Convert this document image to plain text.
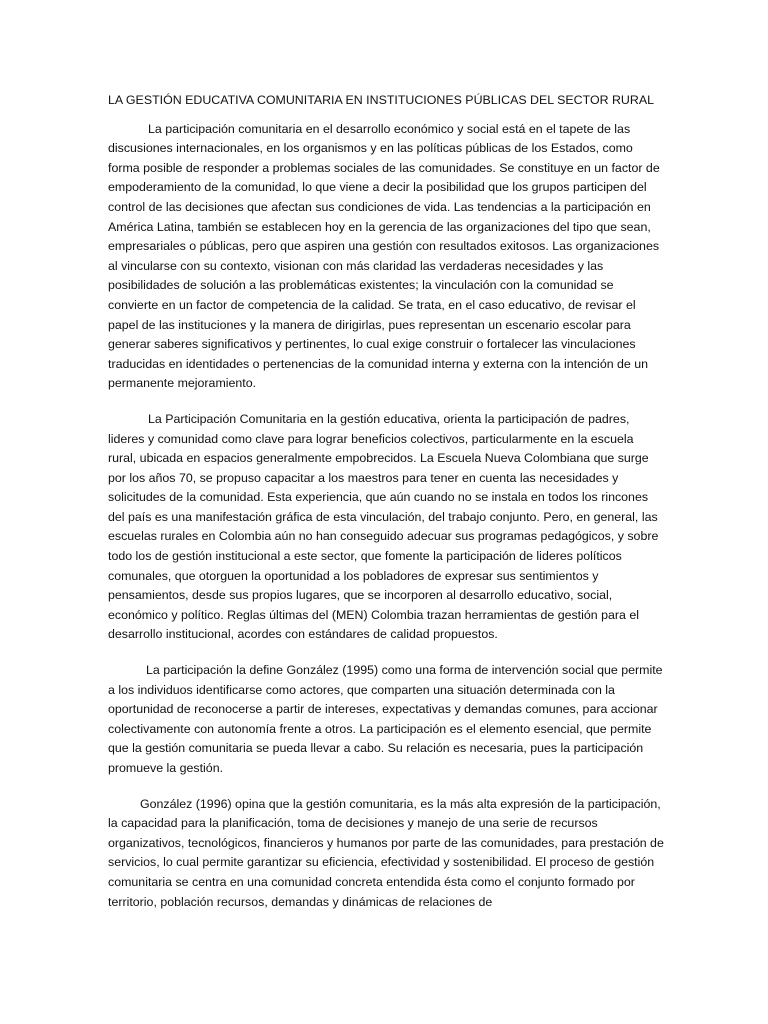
LA GESTIÓN EDUCATIVA COMUNITARIA EN INSTITUCIONES PÚBLICAS DEL SECTOR RURAL

La participación comunitaria en el desarrollo económico y social está en el tapete de las discusiones internacionales, en los organismos y en las políticas públicas de los Estados, como forma posible de responder a problemas sociales de las comunidades. Se constituye en un factor de empoderamiento de la comunidad, lo que viene a decir la posibilidad que los grupos participen del control de las decisiones que afectan sus condiciones de vida. Las tendencias a la participación en América Latina, también se establecen hoy en la gerencia de las organizaciones del tipo que sean, empresariales o públicas, pero que aspiren una gestión con resultados exitosos. Las organizaciones al vincularse con su contexto, visionan con más claridad las verdaderas necesidades y las posibilidades de solución a las problemáticas existentes; la vinculación con la comunidad se convierte en un factor de competencia de la calidad. Se trata, en el caso educativo, de revisar el papel de las instituciones y la manera de dirigirlas, pues representan un escenario escolar para generar saberes significativos y pertinentes, lo cual exige construir o fortalecer las vinculaciones traducidas en identidades o pertenencias de la comunidad interna y externa con la intención de un permanente mejoramiento.

La Participación Comunitaria en la gestión educativa, orienta la participación de padres, lideres y comunidad como clave para lograr beneficios colectivos, particularmente en la escuela rural, ubicada en espacios generalmente empobrecidos. La Escuela Nueva Colombiana que surge por los años 70, se propuso capacitar a los maestros para tener en cuenta las necesidades y solicitudes de la comunidad. Esta experiencia, que aún cuando no se instala en todos los rincones del país es una manifestación gráfica de esta vinculación, del trabajo conjunto. Pero, en general, las escuelas rurales en Colombia aún no han conseguido adecuar sus programas pedagógicos, y sobre todo los de gestión institucional a este sector, que fomente la participación de lideres políticos comunales, que otorguen la oportunidad a los pobladores de expresar sus sentimientos y pensamientos, desde sus propios lugares, que se incorporen al desarrollo educativo, social, económico y político. Reglas últimas del (MEN) Colombia trazan herramientas de gestión para el desarrollo institucional, acordes con estándares de calidad propuestos.

La participación la define González (1995) como una forma de intervención social que permite a los individuos identificarse como actores, que comparten una situación determinada con la oportunidad de reconocerse a partir de intereses, expectativas y demandas comunes, para accionar colectivamente con autonomía frente a otros. La participación es el elemento esencial, que permite que la gestión comunitaria se pueda llevar a cabo. Su relación es necesaria, pues la participación promueve la gestión.

González (1996) opina que la gestión comunitaria, es la más alta expresión de la participación, la capacidad para la planificación, toma de decisiones y manejo de una serie de recursos organizativos, tecnológicos, financieros y humanos por parte de las comunidades, para prestación de servicios, lo cual permite garantizar su eficiencia, efectividad y sostenibilidad. El proceso de gestión comunitaria se centra en una comunidad concreta entendida ésta como el conjunto formado por territorio, población recursos, demandas y dinámicas de relaciones de
